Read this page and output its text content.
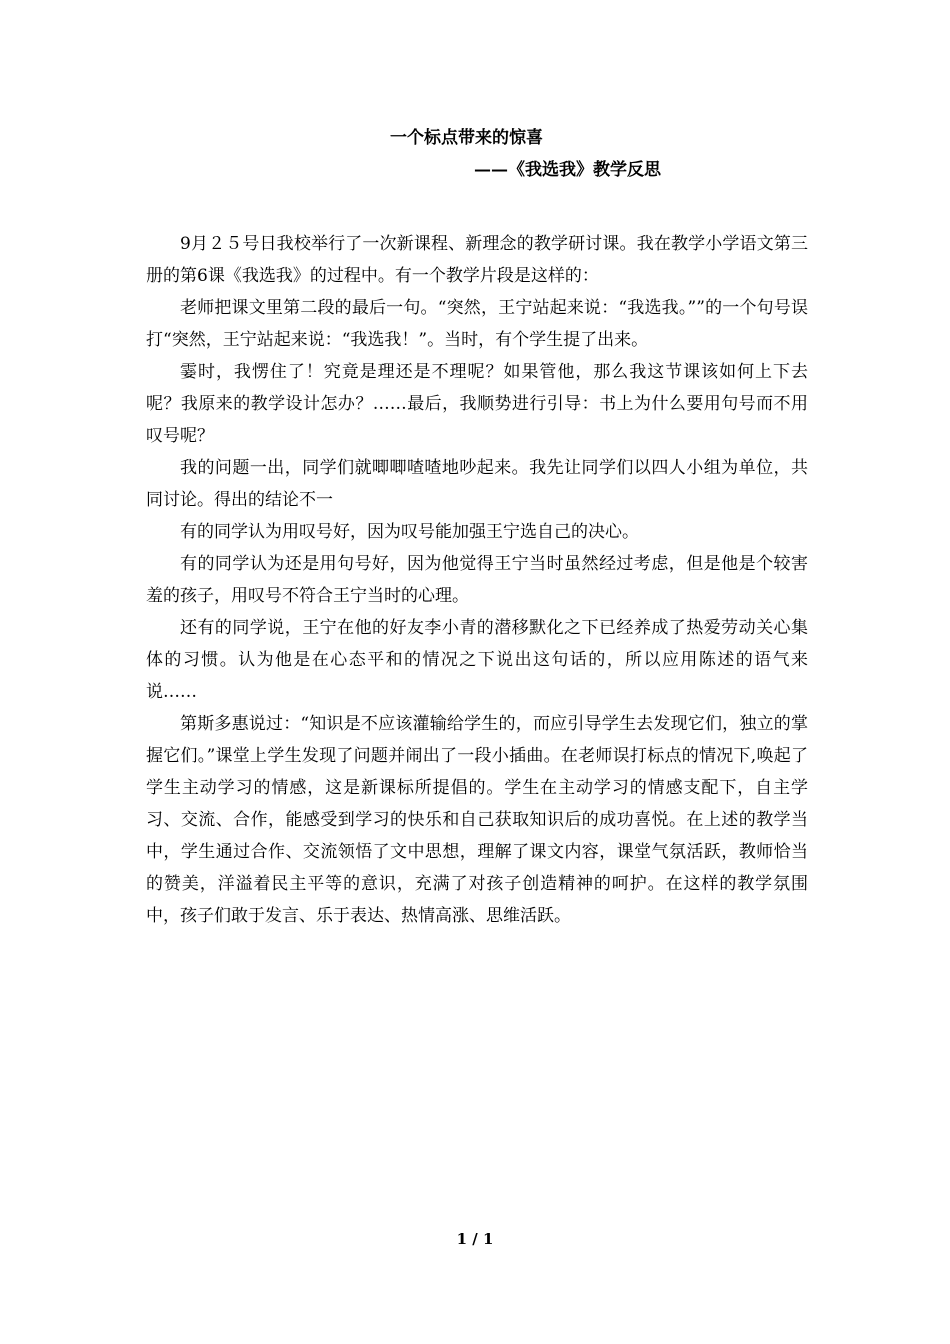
一个标点带来的惊喜
——《我选我》教学反思

9月２５号日我校举行了一次新课程、新理念的教学研讨课。我在教学小学语文第三册的第6课《我选我》的过程中。有一个教学片段是这样的：

老师把课文里第二段的最后一句。“突然，王宁站起来说：“我选我。””的一个句号误打“突然，王宁站起来说：“我选我！”。当时，有个学生提了出来。

霎时，我愣住了！究竟是理还是不理呢？如果管他，那么我这节课该如何上下去呢？我原来的教学设计怎办？……最后，我顺势进行引导：书上为什么要用句号而不用叹号呢？

我的问题一出，同学们就唧唧喳喳地吵起来。我先让同学们以四人小组为单位，共同讨论。得出的结论不一

有的同学认为用叹号好，因为叹号能加强王宁选自己的决心。

有的同学认为还是用句号好，因为他觉得王宁当时虽然经过考虑，但是他是个较害羞的孩子，用叹号不符合王宁当时的心理。

还有的同学说，王宁在他的好友李小青的潜移默化之下已经养成了热爱劳动关心集体的习惯。认为他是在心态平和的情况之下说出这句话的，所以应用陈述的语气来说……

第斯多惠说过：“知识是不应该灌输给学生的，而应引导学生去发现它们，独立的掌握它们。”课堂上学生发现了问题并闹出了一段小插曲。在老师误打标点的情况下,唤起了学生主动学习的情感，这是新课标所提倡的。学生在主动学习的情感支配下，自主学习、交流、合作，能感受到学习的快乐和自己获取知识后的成功喜悦。在上述的教学当中，学生通过合作、交流领悟了文中思想，理解了课文内容，课堂气氛活跃，教师恰当的赞美，洋溢着民主平等的意识，充满了对孩子创造精神的呵护。在这样的教学氛围中，孩子们敢于发言、乐于表达、热情高涨、思维活跃。

1 / 1
